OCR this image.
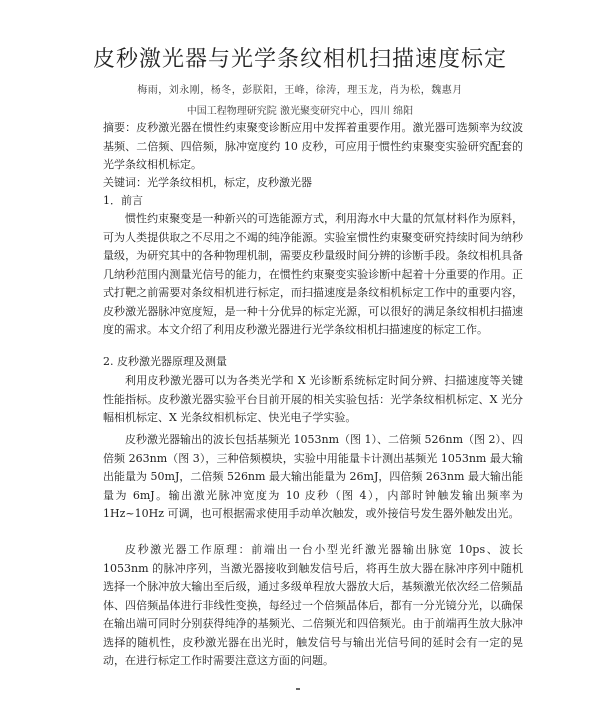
皮秒激光器与光学条纹相机扫描速度标定
梅雨，刘永刚，杨冬，彭朕阳，王峰，徐涛，理玉龙，肖为松，魏惠月
中国工程物理研究院 激光聚变研究中心，四川 绵阳
摘要：皮秒激光器在惯性约束聚变诊断应用中发挥着重要作用。激光器可选频率为纹波基频、二倍频、四倍频，脉冲宽度约 10 皮秒，可应用于惯性约束聚变实验研究配套的光学条纹相机标定。
关键词：光学条纹相机，标定，皮秒激光器
1．前言
惯性约束聚变是一种新兴的可选能源方式，利用海水中大量的氘氚材料作为原料，可为人类提供取之不尽用之不竭的纯净能源。实验室惯性约束聚变研究持续时间为纳秒量级，为研究其中的各种物理机制，需要皮秒量级时间分辨的诊断手段。条纹相机具备几纳秒范围内测量光信号的能力，在惯性约束聚变实验诊断中起着十分重要的作用。正式打靶之前需要对条纹相机进行标定，而扫描速度是条纹相机标定工作中的重要内容，皮秒激光器脉冲宽度短，是一种十分优异的标定光源，可以很好的满足条纹相机扫描速度的需求。本文介绍了利用皮秒激光器进行光学条纹相机扫描速度的标定工作。
2. 皮秒激光器原理及测量
利用皮秒激光器可以为各类光学和 X 光诊断系统标定时间分辨、扫描速度等关键性能指标。皮秒激光器实验平台目前开展的相关实验包括：光学条纹相机标定、X 光分幅相机标定、X 光条纹相机标定、快光电子学实验。
皮秒激光器输出的波长包括基频光 1053nm（图 1）、二倍频 526nm（图 2）、四倍频 263nm（图 3），三种倍频模块，实验中用能量卡计测出基频光 1053nm 最大输出能量为 50mJ，二倍频 526nm 最大输出能量为 26mJ，四倍频 263nm 最大输出能量为 6mJ。输出激光脉冲宽度为 10 皮秒（图 4），内部时钟触发输出频率为 1Hz~10Hz 可调，也可根据需求使用手动单次触发，或外接信号发生器外触发出光。
皮秒激光器工作原理：前端出一台小型光纤激光器输出脉宽 10ps、波长 1053nm 的脉冲序列，当激光器接收到触发信号后，将再生放大器在脉冲序列中随机选择一个脉冲放大输出至后级，通过多级单程放大器放大后，基频激光依次经二倍频晶体、四倍频晶体进行非线性变换，每经过一个倍频晶体后，都有一分光镜分光，以确保在输出端可同时分别获得纯净的基频光、二倍频光和四倍频光。由于前端再生放大脉冲选择的随机性，皮秒激光器在出光时，触发信号与输出光信号间的延时会有一定的晃动，在进行标定工作时需要注意这方面的问题。
